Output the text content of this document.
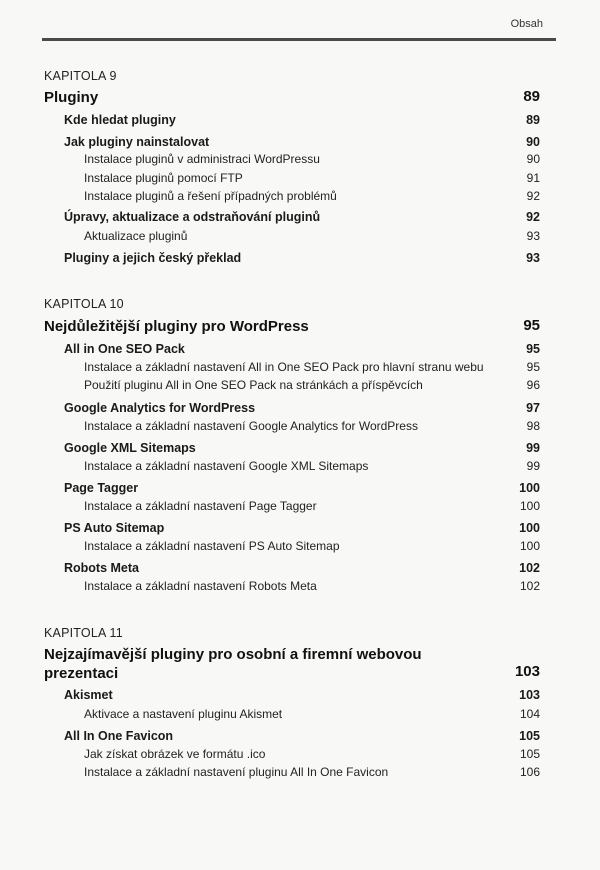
Obsah
KAPITOLA 9
Pluginy	89
Kde hledat pluginy	89
Jak pluginy nainstalovat	90
Instalace pluginů v administraci WordPressu	90
Instalace pluginů pomocí FTP	91
Instalace pluginů a řešení případných problémů	92
Úpravy, aktualizace a odstraňování pluginů	92
Aktualizace pluginů	93
Pluginy a jejich český překlad	93
KAPITOLA 10
Nejdůležitější pluginy pro WordPress	95
All in One SEO Pack	95
Instalace a základní nastavení All in One SEO Pack pro hlavní stranu webu	95
Použití pluginu All in One SEO Pack na stránkách a příspěvcích	96
Google Analytics for WordPress	97
Instalace a základní nastavení Google Analytics for WordPress	98
Google XML Sitemaps	99
Instalace a základní nastavení Google XML Sitemaps	99
Page Tagger	100
Instalace a základní nastavení Page Tagger	100
PS Auto Sitemap	100
Instalace a základní nastavení PS Auto Sitemap	100
Robots Meta	102
Instalace a základní nastavení Robots Meta	102
KAPITOLA 11
Nejzajímavější pluginy pro osobní a firemní webovou
prezentaci	103
Akismet	103
Aktivace a nastavení pluginu Akismet	104
All In One Favicon	105
Jak získat obrázek ve formátu .ico	105
Instalace a základní nastavení pluginu All In One Favicon	106
